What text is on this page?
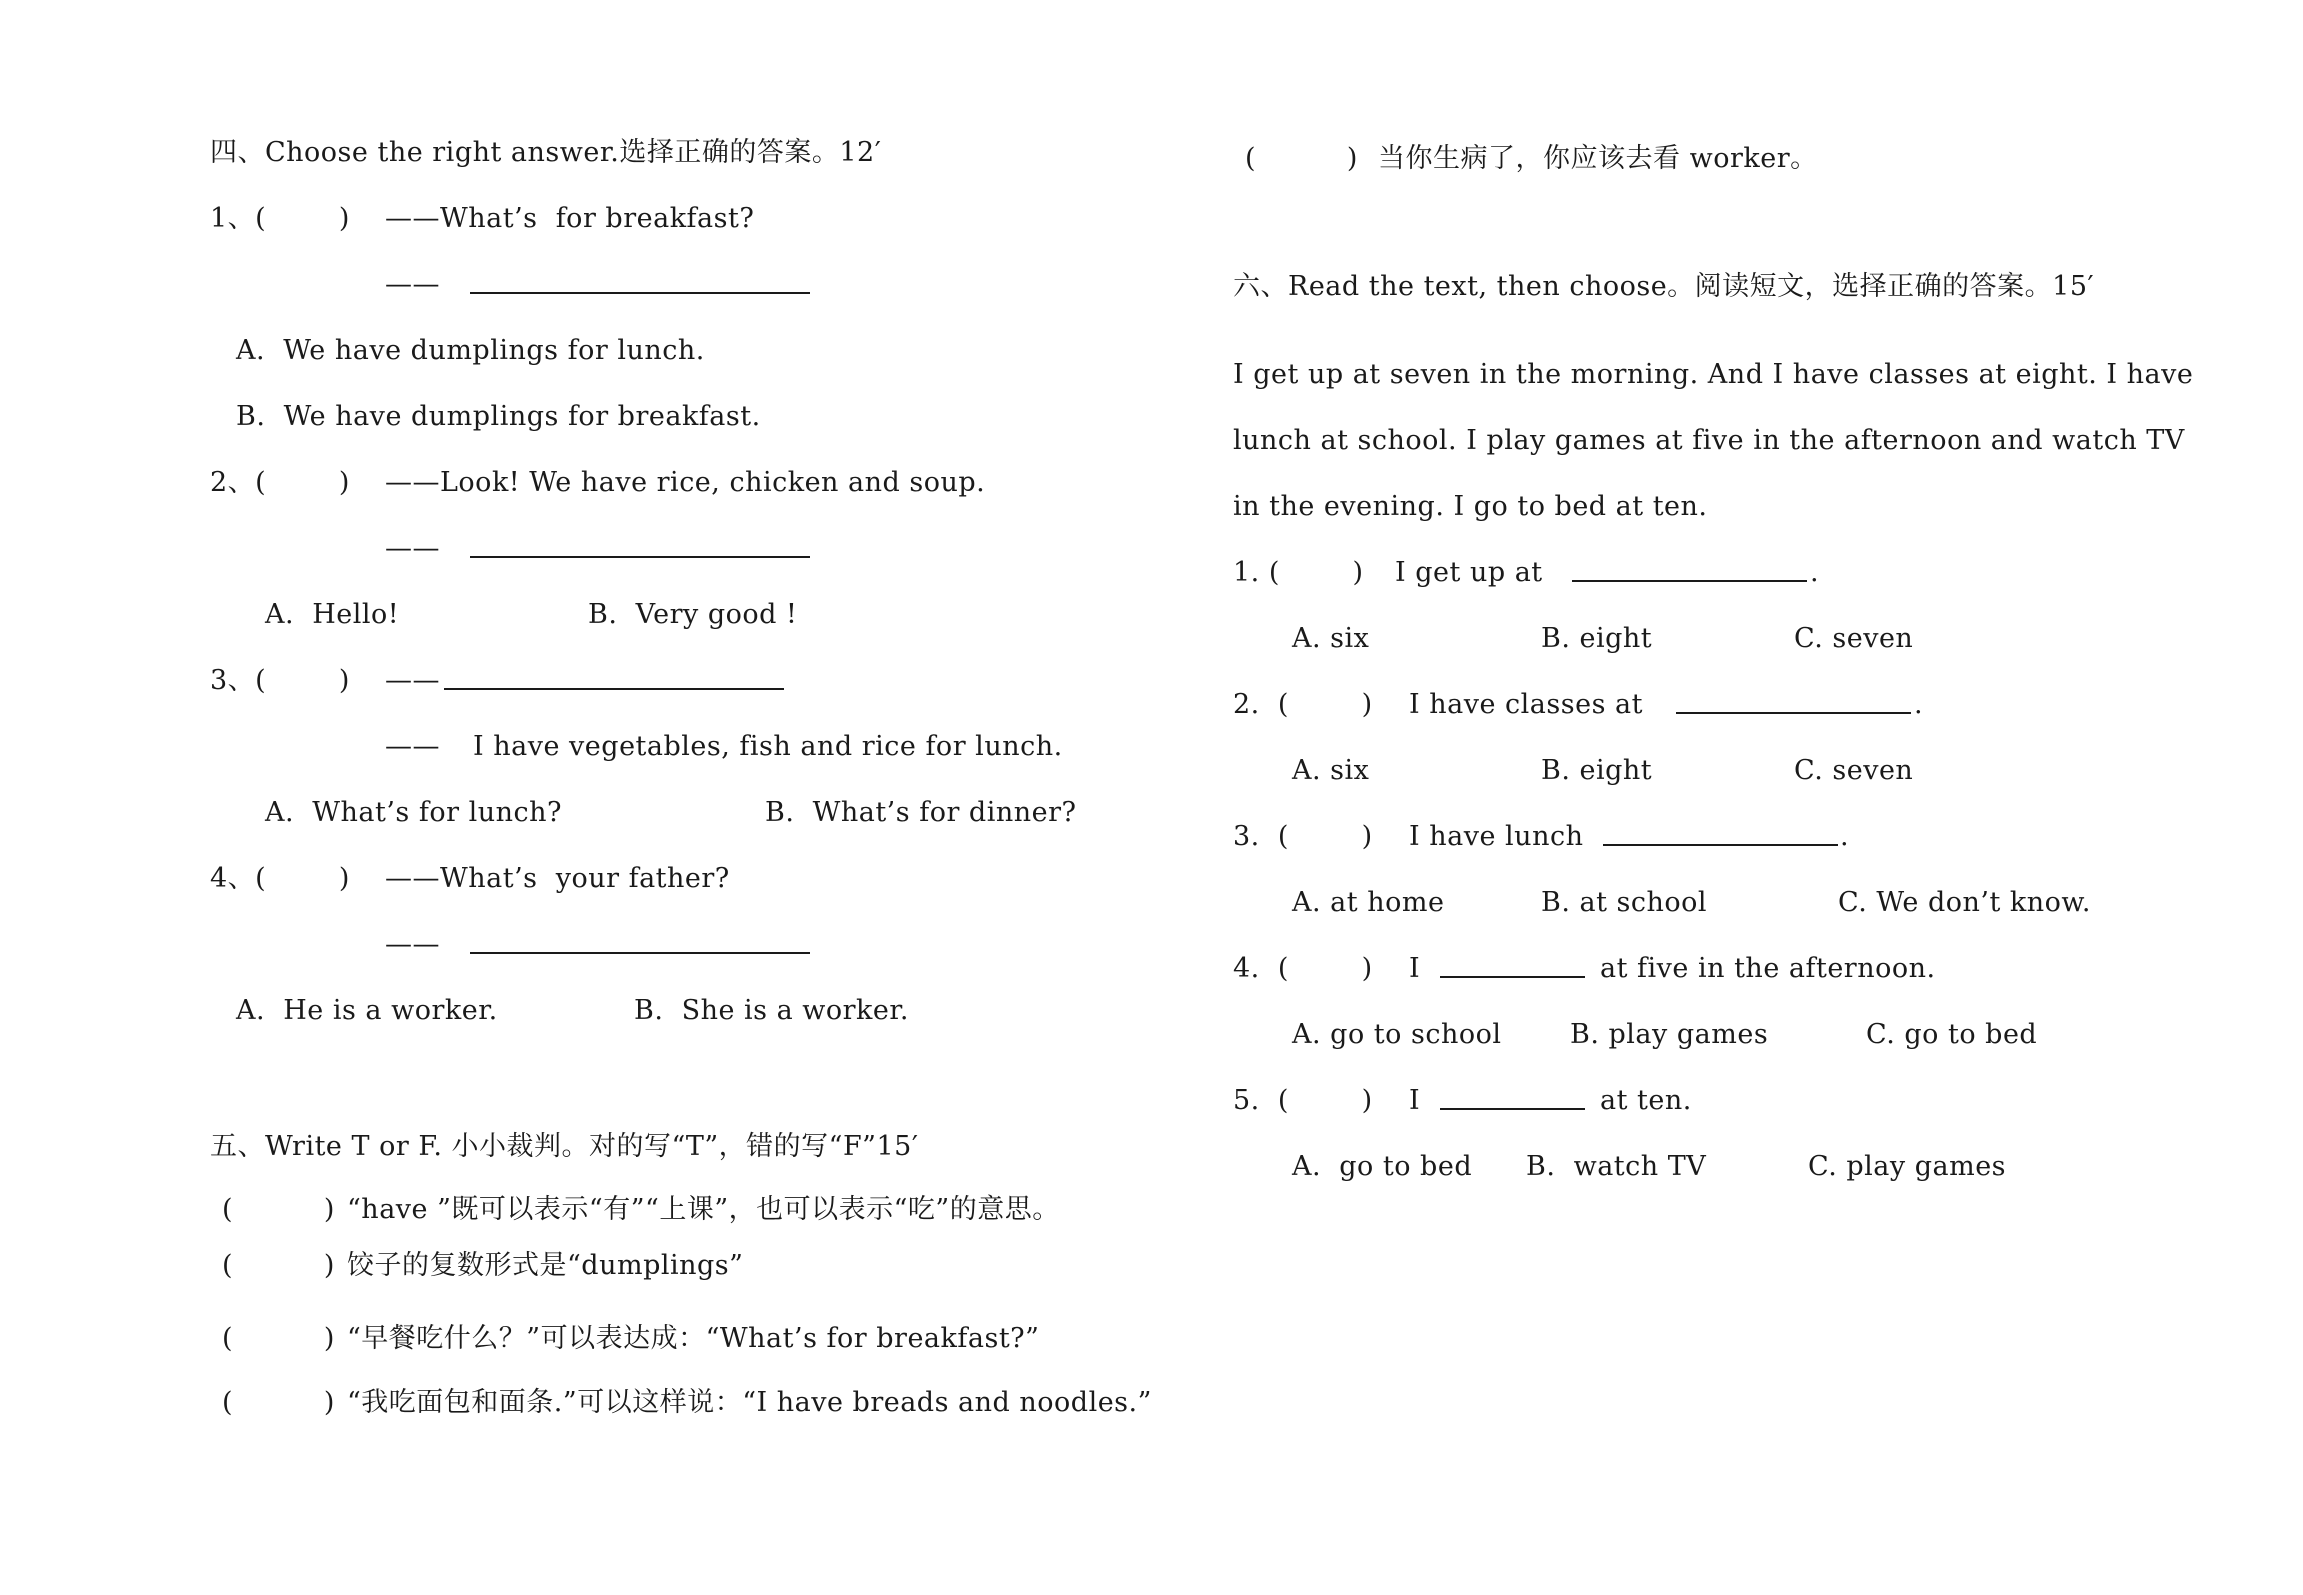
四、Choose the right answer.选择正确的答案。12′
1、(        ) ——What’s  for breakfast?
——
A.  We have dumplings for lunch.
B.  We have dumplings for breakfast.
2、(        ) ——Look! We have rice, chicken and soup.
——
A.  Hello!	B.  Very good !
3、(        ) ——
—— I have vegetables, fish and rice for lunch.
A.  What’s for lunch?	B.  What’s for dinner?
4、(        ) ——What’s  your father?
——
A.  He is a worker.	B.  She is a worker.
五、Write T or F. 小小裁判。对的写“T”，错的写“F”15′
(          ) “have ”既可以表示“有”“上课”，也可以表示“吃”的意思。
(          ) 饺子的复数形式是“dumplings”
(          ) “早餐吃什么？”可以表达成：“What’s for breakfast?”
(          ) “我吃面包和面条.”可以这样说：“I have breads and noodles.”
(          ) 当你生病了，你应该去看 worker。
六、Read the text, then choose。阅读短文，选择正确的答案。15′
I get up at seven in the morning. And I have classes at eight. I have
lunch at school. I play games at five in the afternoon and watch TV
in the evening. I go to bed at ten.
1. (        ) I get up at	.
A. six	B. eight	C. seven
2.  (        ) I have classes at	.
A. six	B. eight	C. seven
3.  (        ) I have lunch	.
A. at home	B. at school	C. We don’t know.
4.  (        ) I	at five in the afternoon.
A. go to school	B. play games	C. go to bed
5.  (        ) I	at ten.
A.  go to bed B.  watch TV	C. play games
